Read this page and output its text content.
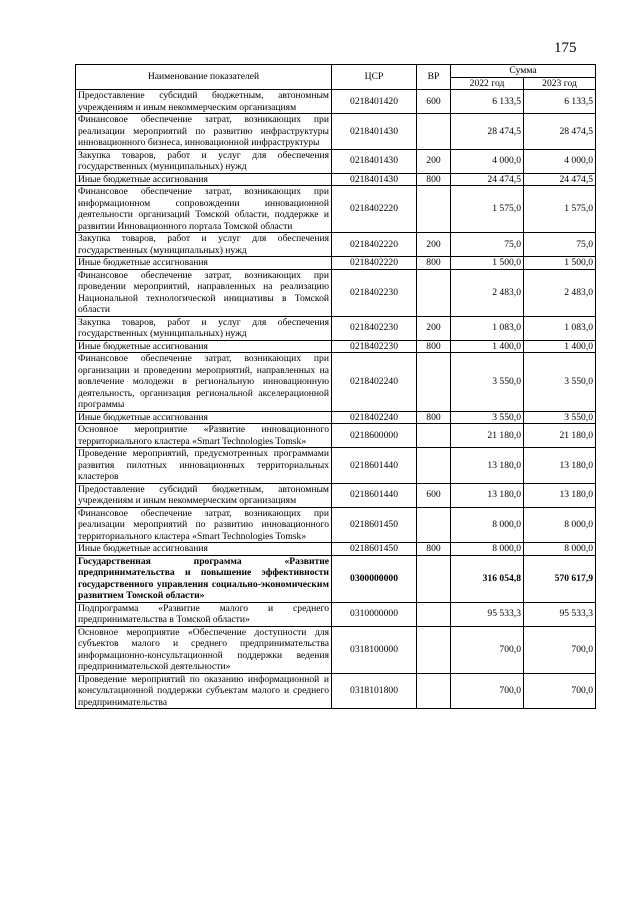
175
Наименование показателей	ЦСР	ВР	Сумма	
			2022 год	2023 год
Предоставление субсидий бюджетным, автономным учреждениям и иным некоммерческим организациям	0218401420	600	6 133,5	6 133,5
Финансовое обеспечение затрат, возникающих при реализации мероприятий по развитию инфраструктуры инновационного бизнеса, инновационной инфраструктуры	0218401430		28 474,5	28 474,5
Закупка товаров, работ и услуг для обеспечения государственных (муниципальных) нужд	0218401430	200	4 000,0	4 000,0
Иные бюджетные ассигнования	0218401430	800	24 474,5	24 474,5
Финансовое обеспечение затрат, возникающих при информационном сопровождении инновационной деятельности организаций Томской области, поддержке и развитии Инновационного портала Томской области	0218402220		1 575,0	1 575,0
Закупка товаров, работ и услуг для обеспечения государственных (муниципальных) нужд	0218402220	200	75,0	75,0
Иные бюджетные ассигнования	0218402220	800	1 500,0	1 500,0
Финансовое обеспечение затрат, возникающих при проведении мероприятий, направленных на реализацию Национальной технологической инициативы в Томской области	0218402230		2 483,0	2 483,0
Закупка товаров, работ и услуг для обеспечения государственных (муниципальных) нужд	0218402230	200	1 083,0	1 083,0
Иные бюджетные ассигнования	0218402230	800	1 400,0	1 400,0
Финансовое обеспечение затрат, возникающих при организации и проведении мероприятий, направленных на вовлечение молодежи в региональную инновационную деятельность, организация региональной акселерационной программы	0218402240		3 550,0	3 550,0
Иные бюджетные ассигнования	0218402240	800	3 550,0	3 550,0
Основное мероприятие «Развитие инновационного территориального кластера «Smart Technologies Tomsk»	0218600000		21 180,0	21 180,0
Проведение мероприятий, предусмотренных программами развития пилотных инновационных территориальных кластеров	0218601440		13 180,0	13 180,0
Предоставление субсидий бюджетным, автономным учреждениям и иным некоммерческим организациям	0218601440	600	13 180,0	13 180,0
Финансовое обеспечение затрат, возникающих при реализации мероприятий по развитию инновационного территориального кластера «Smart Technologies Tomsk»	0218601450		8 000,0	8 000,0
Иные бюджетные ассигнования	0218601450	800	8 000,0	8 000,0
Государственная программа «Развитие предпринимательства и повышение эффективности государственного управления социально-экономическим развитием Томской области»	0300000000		316 054,8	570 617,9
Подпрограмма «Развитие малого и среднего предпринимательства в Томской области»	0310000000		95 533,3	95 533,3
Основное мероприятие «Обеспечение доступности для субъектов малого и среднего предпринимательства информационно-консультационной поддержки ведения предпринимательской деятельности»	0318100000		700,0	700,0
Проведение мероприятий по оказанию информационной и консультационной поддержки субъектам малого и среднего предпринимательства	0318101800		700,0	700,0
